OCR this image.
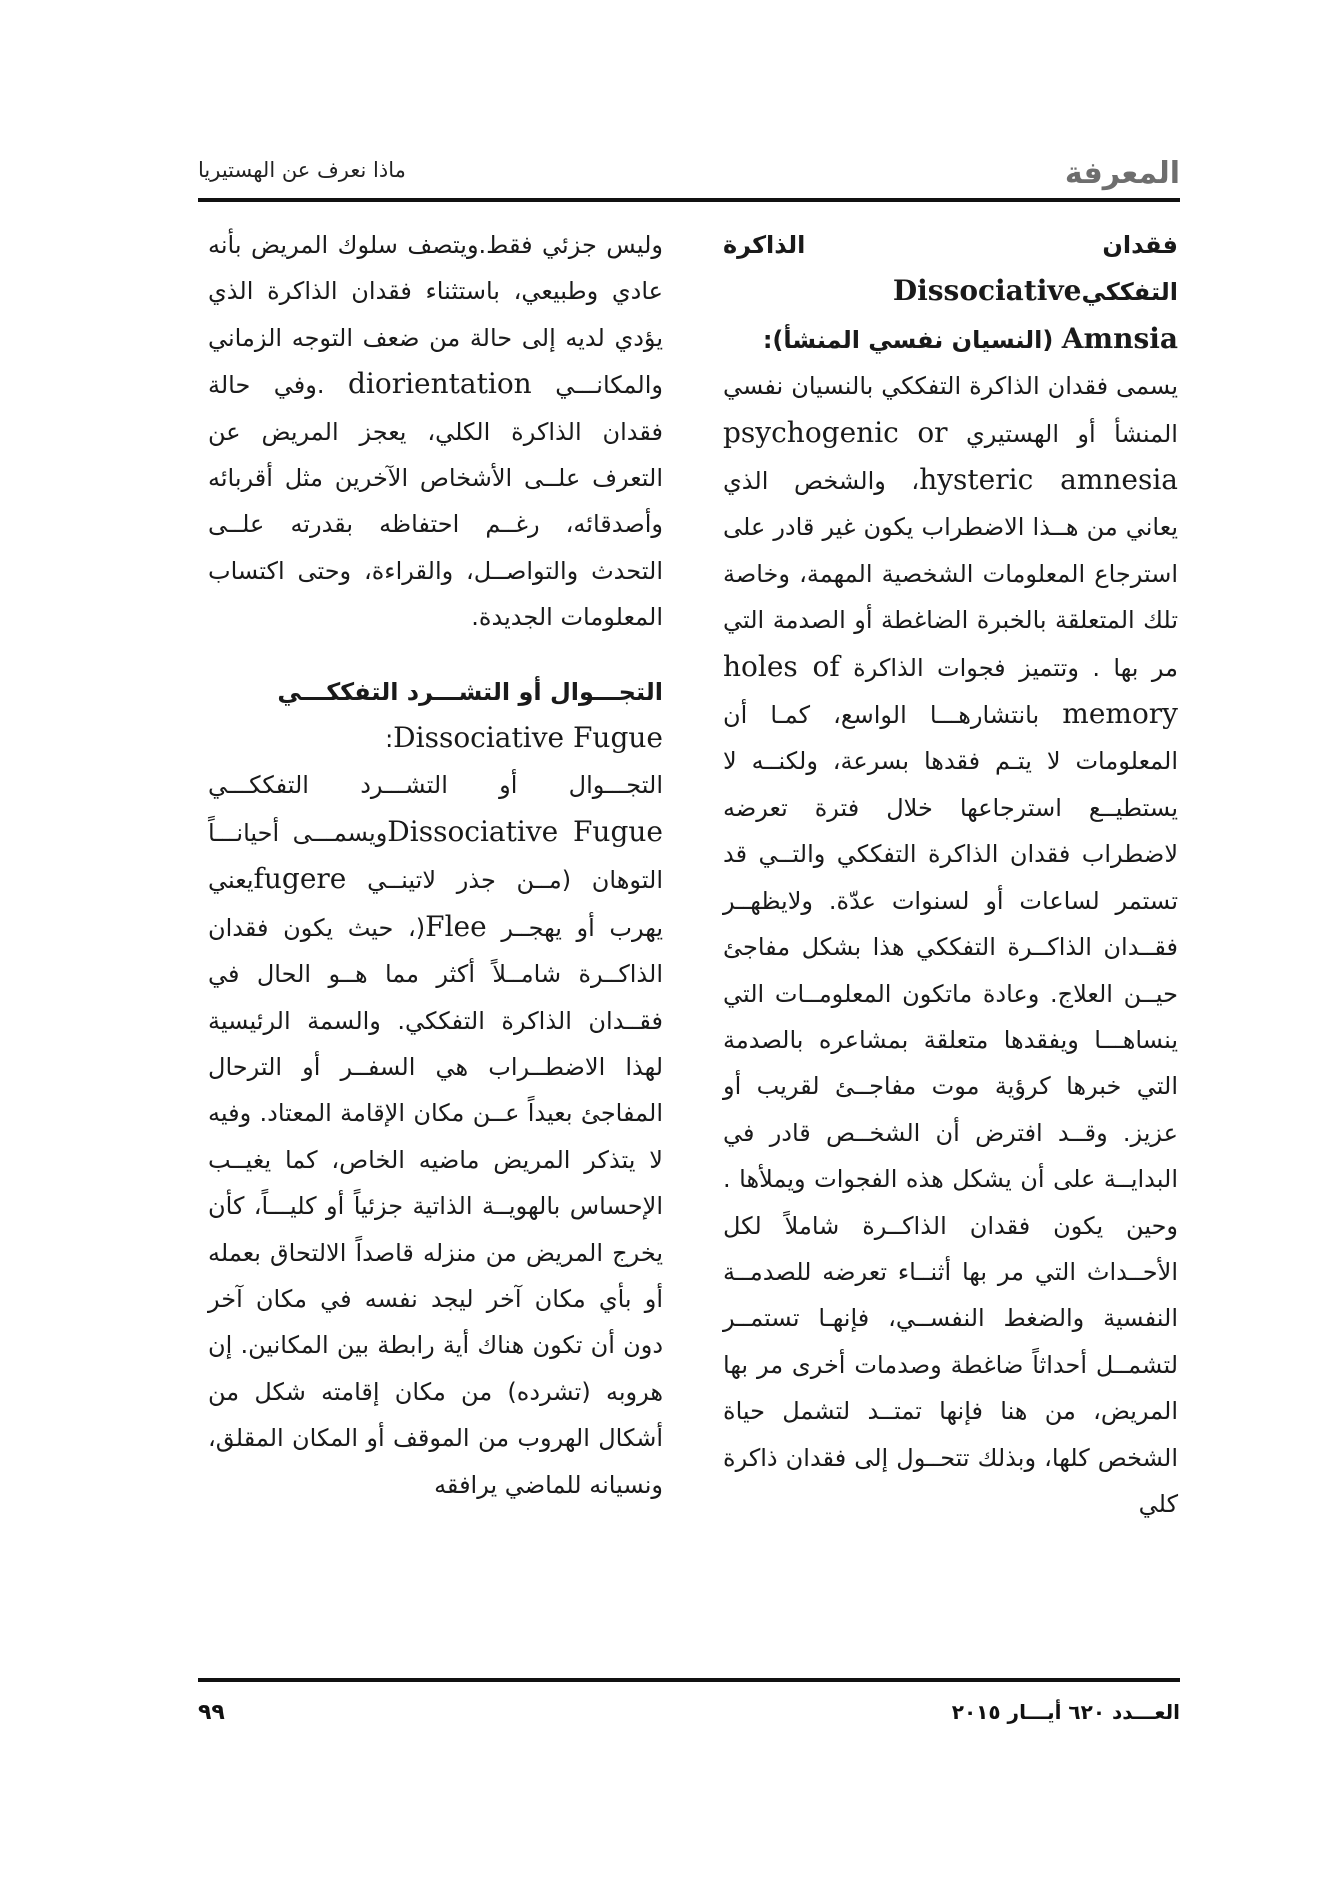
المعرفة
ماذا نعرف عن الهستيريا

فقدان الذاكرة التفككيDissociative

Amnsia (النسيان نفسي المنشأ):

يسمى فقدان الذاكرة التفككي بالنسيان نفسي المنشأ أو الهستيري psychogenic or hysteric amnesia، والشخص الذي يعاني من هــذا الاضطراب يكون غير قادر على استرجاع المعلومات الشخصية المهمة، وخاصة تلك المتعلقة بالخبرة الضاغطة أو الصدمة التي مر بها . وتتميز فجوات الذاكرة holes of memory بانتشارهـــا الواسع، كمـا أن المعلومات لا يتـم فقدها بسرعة، ولكنــه لا يستطيــع استرجاعها خلال فترة تعرضه لاضطراب فقدان الذاكرة التفككي والتــي قد تستمر لساعات أو لسنوات عدّة. ولايظهــر فقــدان الذاكــرة التفككي هذا بشكل مفاجئ حيــن العلاج. وعادة ماتكون المعلومــات التي ينساهـــا ويفقدها متعلقة بمشاعره بالصدمة التي خبرها كرؤية موت مفاجــئ لقريب أو عزيز. وقــد افترض أن الشخــص قادر في البدايــة على أن يشكل هذه الفجوات ويملأها . وحين يكون فقدان الذاكــرة شاملاً لكل الأحــداث التي مر بها أثنــاء تعرضه للصدمــة النفسية والضغط النفســي، فإنهـا تستمــر لتشمــل أحداثاً ضاغطة وصدمات أخرى مر بها المريض، من هنا فإنها تمتــد لتشمل حياة الشخص كلها، وبذلك تتحــول إلى فقدان ذاكرة كلي

وليس جزئي فقط.ويتصف سلوك المريض بأنه عادي وطبيعي، باستثناء فقدان الذاكرة الذي يؤدي لديه إلى حالة من ضعف التوجه الزماني والمكانـــي diorientation .وفي حالة فقدان الذاكرة الكلي، يعجز المريض عن التعرف علــى الأشخاص الآخرين مثل أقربائه وأصدقائه، رغــم احتفاظه بقدرته علــى التحدث والتواصــل، والقراءة، وحتى اكتساب المعلومات الجديدة.

التجـــوال أو التشـــرد التفككـــي

Dissociative Fugue:

التجـــوال أو التشـــرد التفككـــي Dissociative Fugueويسمـــى أحيانـــاً التوهان (مــن جذر لاتينــي fugereيعني يهرب أو يهجــر Flee(، حيث يكون فقدان الذاكــرة شامــلاً أكثر مما هــو الحال في فقــدان الذاكرة التفككي. والسمة الرئيسية لهذا الاضطــراب هي السفــر أو الترحال المفاجئ بعيداً عــن مكان الإقامة المعتاد. وفيه لا يتذكر المريض ماضيه الخاص، كما يغيــب الإحساس بالهويــة الذاتية جزئياً أو كليـــاً، كأن يخرج المريض من منزله قاصداً الالتحاق بعمله أو بأي مكان آخر ليجد نفسه في مكان آخر دون أن تكون هناك أية رابطة بين المكانين. إن هروبه (تشرده) من مكان إقامته شكل من أشكال الهروب من الموقف أو المكان المقلق، ونسيانه للماضي يرافقه

العـــدد ٦٢٠ أيـــار ٢٠١٥
٩٩
